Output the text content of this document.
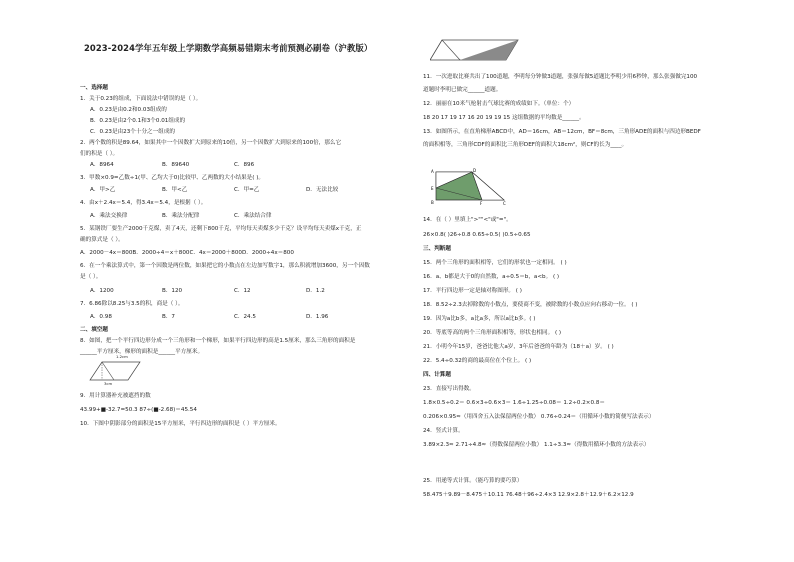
2023-2024学年五年级上学期数学高频易错期末考前预测必刷卷（沪教版）
一、选择题
1．关于0.23的组成，下面说法中错误的是（ ）。
A．0.23是由0.2和0.03组成的
B．0.23是由2个0.1和3个0.01组成的
C．0.23是由23个十分之一组成的
2．两个数的积是89.64，如果其中一个因数扩大到原来的10倍，另一个因数扩大到原来的100倍，那么它
们的积是（ ）。
A．8964	B．89640	C．896
3．甲数×0.9=乙数÷1(甲、乙均大于0)比较甲、乙两数的大小结果是( )。
A．甲>乙	B．甲<乙	C．甲=乙	D．无法比较
4．由x＋2.4x＝5.4，得3.4x＝5.4，是根据（ ）。
A．乘法交换律	B．乘法分配律	C．乘法结合律
5．某钢铁厂要生产2000千克煤，卖了4天，还剩下800千克，平均每天卖煤多少千克？设平均每天卖煤x千克，正
确的算式是（ ）。
A．2000－4x＝800B．2000÷4＝x＋800C．4x＝2000＋800D．2000÷4x＝800
6．在一个乘法算式中，第一个因数是两位数，如果把它的小数点在左边加写数字1，那么积就增加3600，另一个因数
是（ ）。
A．1200	B．120	C．12	D．1.2
7．6.86除以8.25与3.5的积，商是（ ）。
A．0.98	B．7	C．24.5	D．1.96
二、填空题
8．如图，把一个平行四边形分成一个三角形和一个梯形，如果平行四边形的高是1.5厘米，那么三角形的面积是
______平方厘米，梯形的面积是______平方厘米。
9．用计算器补充被遮挡的数
43.99+■-32.7=50.3 87÷(■-2.68)＝45.54
10．下图中阴影部分的面积是15平方厘米，平行四边形的面积是（ ）平方厘米。
11．一次进取比赛共出了100道题，李明每分钟做3道题，张强每做5道题比李明少用6秒钟，那么张强做完100
道题时李明已做完______道题。
12．丽丽在10米气枪射击气球比赛的成绩如下。（单位：个）
18 20 17 19 17 16 20 19 19 15 这组数据的平均数是______。
13．如图所示，在直角梯形ABCD中，AD＝16cm，AB＝12cm，BF＝8cm，三角形ADE的面积与四边形BEDF
的面积相等，三角形CDF的面积比三角形DEF的面积大18cm²，则CF的长为____。
14．在（ ）里填上">""<"或"="。
26×0.8( )26÷0.8 0.65÷0.5( )0.5÷0.65
三、判断题
15．两个三角形的面积相等，它们的形状也一定相同。 ( )
16．a、b都是大于0的自然数，a÷0.5＝b，a<b。 ( )
17．平行四边形一定是轴对称图形。 ( )
18．8.52÷2.3去掉除数的小数点，要使商不变，被除数的小数点应向右移动一位。 ( )
19．因为a比b多，a比a多，所以a比b多。( )
20．等底等高的两个三角形面积相等，形状也相同。 ( )
21．小明今年15岁，爸爸比他大a岁，3年后爸爸的年龄为（18＋a）岁。 ( )
22．5.4÷0.32的商的最高位在个位上。 ( )
四、计算题
23．直接写出得数。
1.8×0.5÷0.2＝ 0.6×3÷0.6×3＝ 1.6÷1.25÷0.08＝ 1.2÷0.2×0.8＝
0.206×0.95≈（用四舍五入法保留两位小数） 0.76÷0.24＝（用循环小数的简便写法表示）
24．竖式计算。
3.89×2.3≈ 2.71÷4.8≈（得数保留两位小数） 1.1÷3.3≈（得数用循环小数的方法表示）
25．用递等式计算。（能巧算的要巧算）
58.475＋9.89－8.475＋10.11 76.48＋96÷2.4×3 12.9×2.8＋12.9＋6.2×12.9
1.2cm
3cm
A	D
E
B	F	C
